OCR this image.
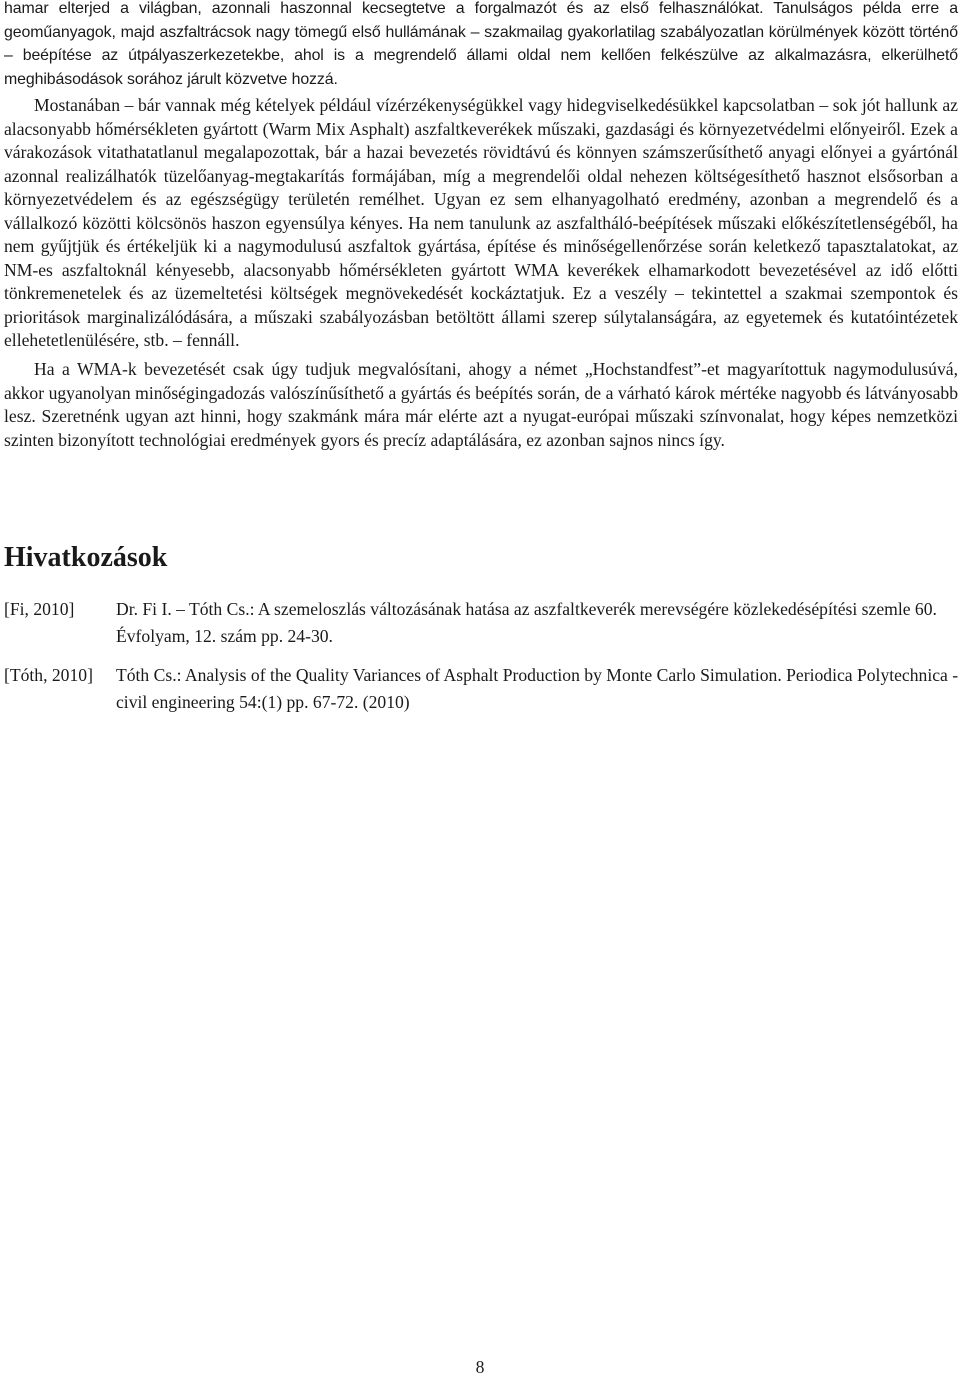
hamar elterjed a világban, azonnali haszonnal kecsegtetve a forgalmazót és az első felhasználókat. Tanulságos példa erre a geoműanyagok, majd aszfaltrácsok nagy tömegű első hullámának – szakmailag gyakorlatilag szabályozatlan körülmények között történő – beépítése az útpályaszerkezetekbe, ahol is a megrendelő állami oldal nem kellően felkészülve az alkalmazásra, elkerülhető meghibásodások sorához járult közvetve hozzá.

Mostanában – bár vannak még kételyek például vízérzékenységükkel vagy hidegviselkedésükkel kapcsolatban – sok jót hallunk az alacsonyabb hőmérsékleten gyártott (Warm Mix Asphalt) aszfaltkeverékek műszaki, gazdasági és környezetvédelmi előnyeiről. Ezek a várakozások vitathatatlanul megalapozottak, bár a hazai bevezetés rövidtávú és könnyen számszerűsíthető anyagi előnyei a gyártónál azonnal realizálhatók tüzelőanyag-megtakarítás formájában, míg a megrendelői oldal nehezen költségesíthető hasznot elsősorban a környezetvédelem és az egészségügy területén remélhet. Ugyan ez sem elhanyagolható eredmény, azonban a megrendelő és a vállalkozó közötti kölcsönös haszon egyensúlya kényes. Ha nem tanulunk az aszfaltháló-beépítések műszaki előkészítetlenségéből, ha nem gyűjtjük és értékeljük ki a nagymodulusú aszfaltok gyártása, építése és minőségellenőrzése során keletkező tapasztalatokat, az NM-es aszfaltoknál kényesebb, alacsonyabb hőmérsékleten gyártott WMA keverékek elhamarkodott bevezetésével az idő előtti tönkremenetelek és az üzemeltetési költségek megnövekedését kockáztatjuk. Ez a veszély – tekintettel a szakmai szempontok és prioritások marginalizálódására, a műszaki szabályozásban betöltött állami szerep súlytalanságára, az egyetemek és kutatóintézetek ellehetetlenülésére, stb. – fennáll.

Ha a WMA-k bevezetését csak úgy tudjuk megvalósítani, ahogy a német „Hochstandfest”-et magyarítottuk nagymodulusúvá, akkor ugyanolyan minőségingadozás valószínűsíthető a gyártás és beépítés során, de a várható károk mértéke nagyobb és látványosabb lesz. Szeretnénk ugyan azt hinni, hogy szakmánk mára már elérte azt a nyugat-európai műszaki színvonalat, hogy képes nemzetközi szinten bizonyított technológiai eredmények gyors és precíz adaptálására, ez azonban sajnos nincs így.

Hivatkozások
[Fi, 2010] Dr. Fi I. – Tóth Cs.: A szemeloszlás változásának hatása az aszfaltkeverék merevségére közlekedésépítési szemle 60. Évfolyam, 12. szám pp. 24-30.
[Tóth, 2010] Tóth Cs.: Analysis of the Quality Variances of Asphalt Production by Monte Carlo Simulation. Periodica Polytechnica - civil engineering 54:(1) pp. 67-72. (2010)
8
